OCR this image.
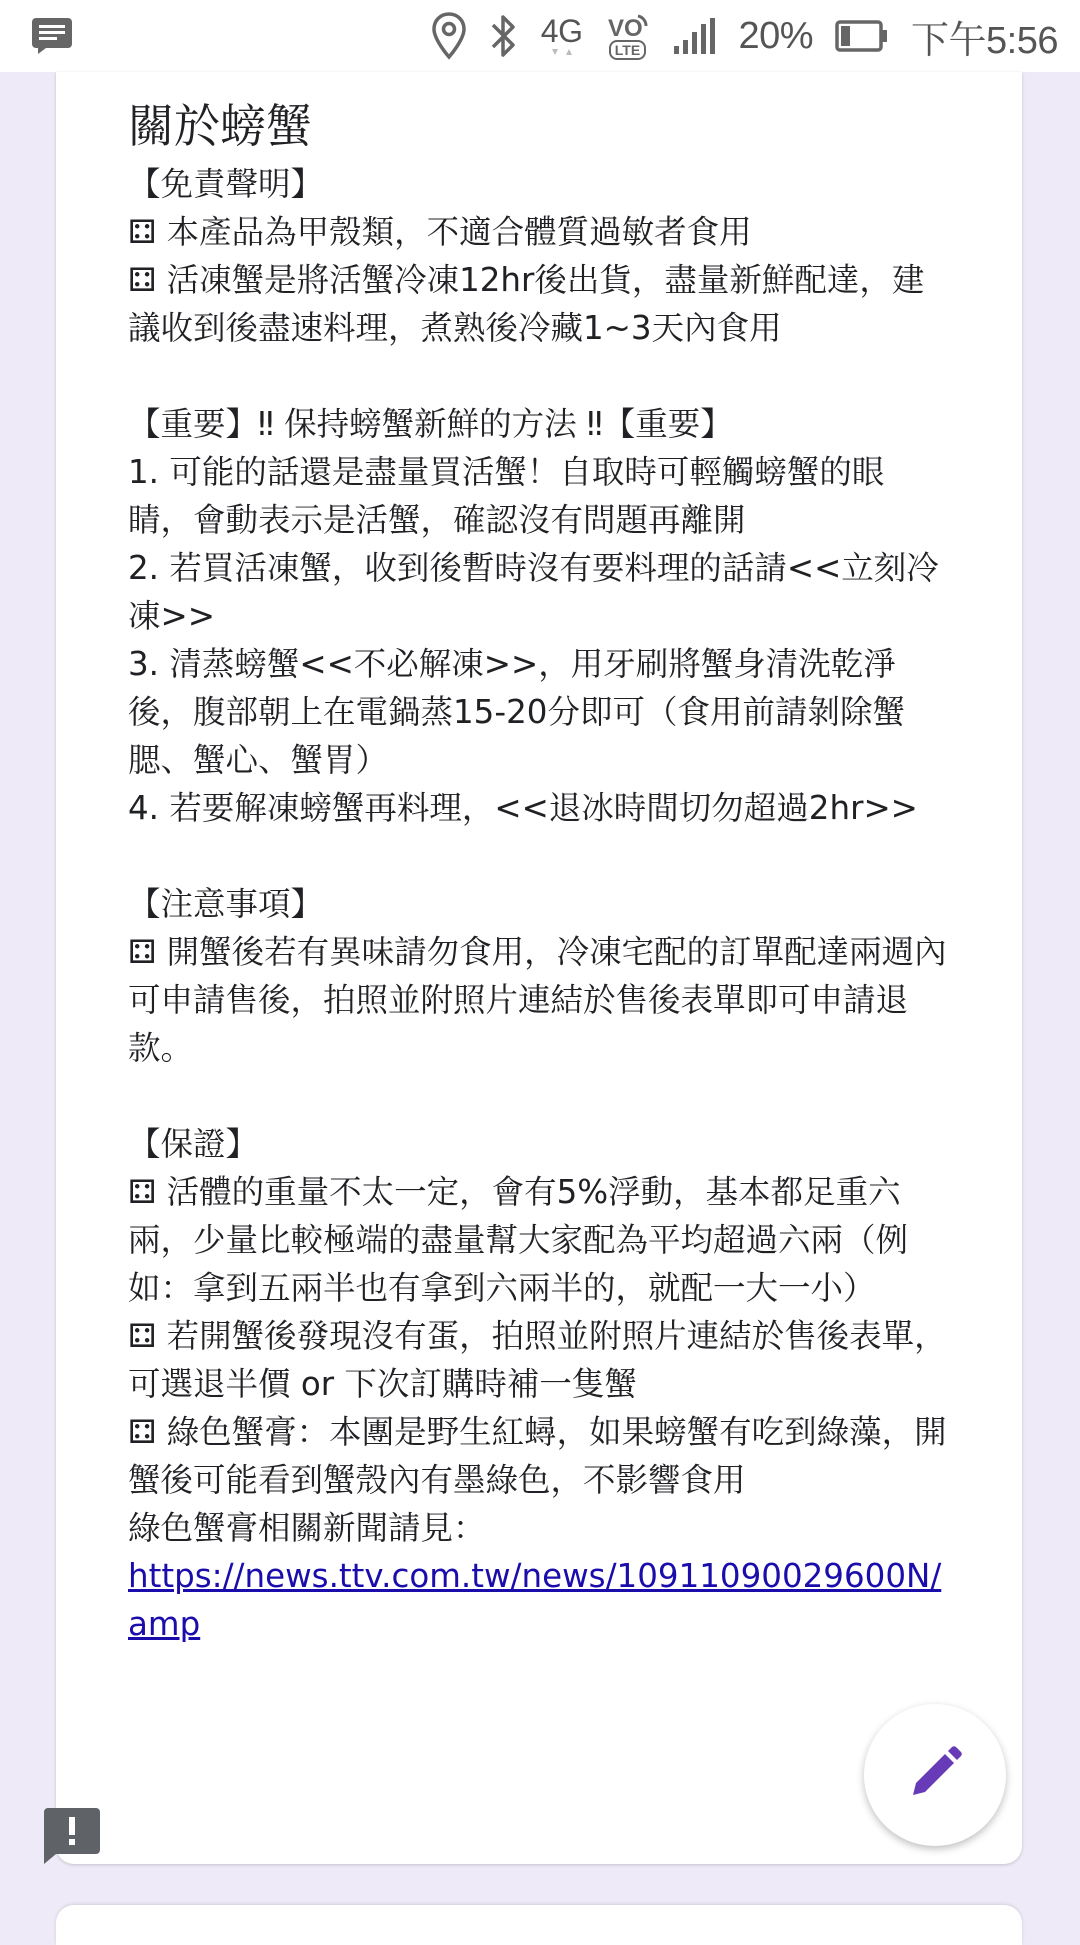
4G VO
LTE	20%	下午5:56
關於螃蟹

【免責聲明】
⚃ 本產品為甲殼類，不適合體質過敏者食用
⚃ 活凍蟹是將活蟹冷凍12hr後出貨，盡量新鮮配達，建議收到後盡速料理，煮熟後冷藏1~3天內食用

【重要】‼ 保持螃蟹新鮮的方法 ‼【重要】
1. 可能的話還是盡量買活蟹！自取時可輕觸螃蟹的眼睛，會動表示是活蟹，確認沒有問題再離開
2. 若買活凍蟹，收到後暫時沒有要料理的話請<<立刻冷凍>>
3. 清蒸螃蟹<<不必解凍>>，用牙刷將蟹身清洗乾淨後，腹部朝上在電鍋蒸15-20分即可（食用前請剝除蟹腮、蟹心、蟹胃）
4. 若要解凍螃蟹再料理，<<退冰時間切勿超過2hr>>

【注意事項】
⚃ 開蟹後若有異味請勿食用，冷凍宅配的訂單配達兩週內可申請售後，拍照並附照片連結於售後表單即可申請退款。

【保證】
⚃ 活體的重量不太一定，會有5%浮動，基本都足重六兩，少量比較極端的盡量幫大家配為平均超過六兩（例如：拿到五兩半也有拿到六兩半的，就配一大一小）
⚃ 若開蟹後發現沒有蛋，拍照並附照片連結於售後表單，可選退半價 or 下次訂購時補一隻蟹
⚃ 綠色蟹膏：本團是野生紅蟳，如果螃蟹有吃到綠藻，開蟹後可能看到蟹殼內有墨綠色，不影響食用
綠色蟹膏相關新聞請見：

https://news.ttv.com.tw/news/10911090029600N/amp
